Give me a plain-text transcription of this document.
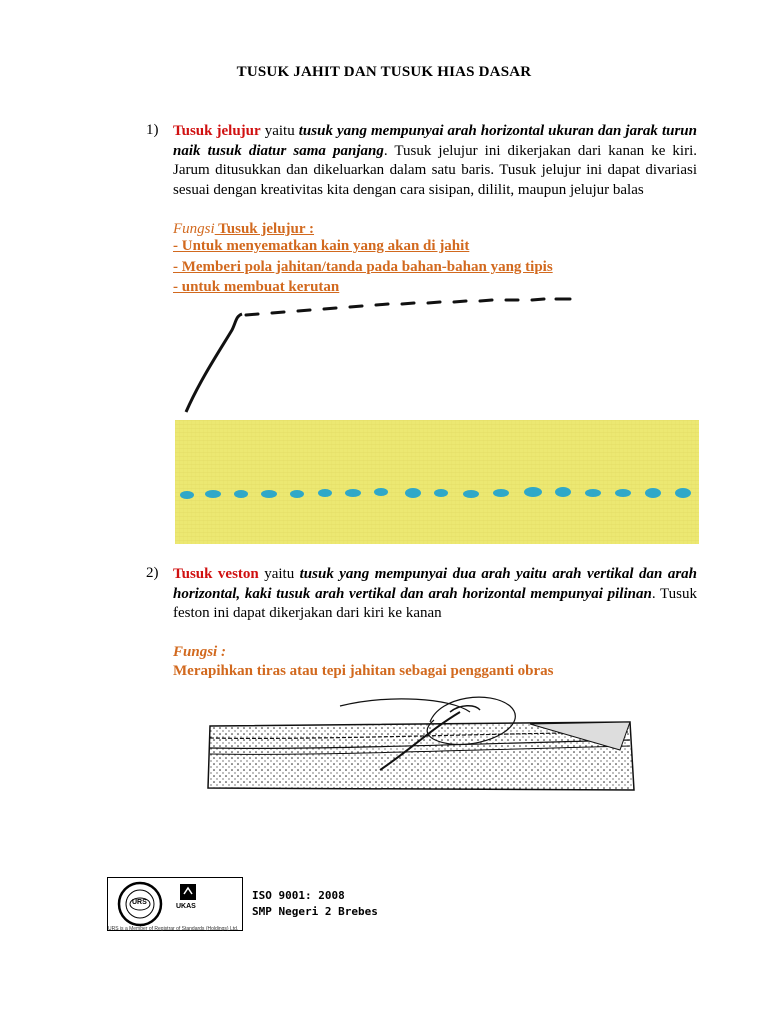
TUSUK JAHIT DAN TUSUK HIAS DASAR
1) Tusuk jelujur yaitu tusuk yang mempunyai arah horizontal ukuran dan jarak turun naik tusuk diatur sama panjang. Tusuk jelujur ini dikerjakan dari kanan ke kiri. Jarum ditusukkan dan dikeluarkan dalam satu baris. Tusuk jelujur ini dapat divariasi sesuai dengan kreativitas kita dengan cara sisipan, dililit, maupun jelujur balas
Fungsi Tusuk jelujur :
- Untuk menyematkan kain yang akan di jahit
- Memberi pola jahitan/tanda pada bahan-bahan yang tipis
- untuk membuat kerutan
2) Tusuk veston yaitu tusuk yang mempunyai dua arah yaitu arah vertikal dan arah horizontal, kaki tusuk arah vertikal dan arah horizontal mempunyai pilinan. Tusuk feston ini dapat dikerjakan dari kiri ke kanan
Fungsi :
Merapihkan tiras atau tepi jahitan sebagai pengganti obras
URS
UKAS
URS is a Member of Registrar of Standards (Holdings) Ltd.
ISO 9001: 2008
SMP Negeri 2 Brebes
